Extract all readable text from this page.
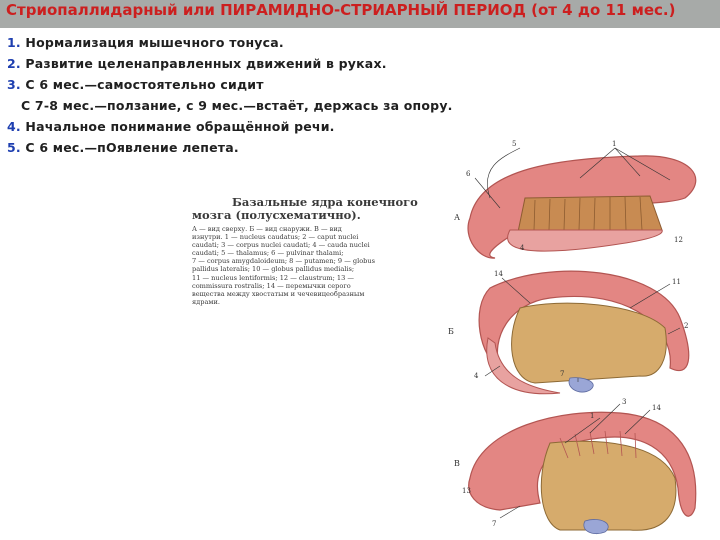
Стриопаллидарный или ПИРАМИДНО-СТРИАРНЫЙ ПЕРИОД (от 4 до 11 мес.)
1. Нормализация мышечного тонуса.
2. Развитие целенаправленных движений в руках.
3. С 6 мес.—самостоятельно сидит
С 7-8 мес.—ползание, с 9 мес.—встаёт, держась за опору.
4. Начальное понимание обращённой речи.
5. С 6 мес.—пОявление лепета.
Базальные ядра конечного
мозга (полусхематично).
А — вид сверху. Б — вид снаружи. В — вид
изнутри. 1 — nucleus caudatus; 2 — caput nuclei
caudati; 3 — corpus nuclei caudati; 4 — cauda nuclei
caudati; 5 — thalamus; 6 — pulvinar thalami;
7 — corpus amygdaloideum; 8 — putamen; 9 — globus
pallidus lateralis; 10 — globus pallidus medialis;
11 — nucleus lentiformis; 12 — claustrum; 13 —
commissura rostralis; 14 — перемычки серого
вещества между хвостатым и чечевицеобразным
ядрами.
А
5
6
1
4
12
Б
14
11
2
4	7
В
3
14
1
13
7
